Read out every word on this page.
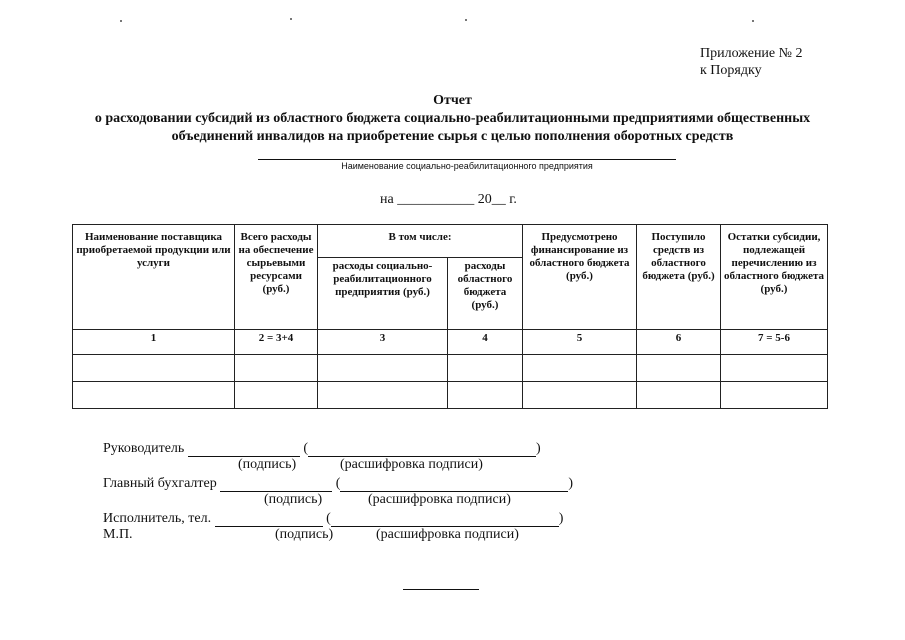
Приложение № 2
к Порядку
Отчет
о расходовании субсидий из областного бюджета социально-реабилитационными предприятиями общественных
объединений инвалидов на приобретение сырья с целью пополнения оборотных средств
Наименование социально-реабилитационного предприятия
на ___________ 20__ г.
Наименование поставщика приобретаемой продукции или услуги	Всего расходы на обеспечение сырьевыми ресурсами (руб.)	В том числе:		Предусмотрено финансирование из областного бюджета (руб.)	Поступило средств из областного бюджета (руб.)	Остатки субсидии, подлежащей перечислению из областного бюджета (руб.)
		расходы социально-реабилитационного предприятия (руб.)	расходы областного бюджета (руб.)			
1	2 = 3+4	3	4	5	6	7 = 5-6

Руководитель	(	)
(подпись)	(расшифровка подписи)
Главный бухгалтер	(	)
(подпись)	(расшифровка подписи)
Исполнитель, тел.	(	)
М.П.	(подпись)	(расшифровка подписи)
